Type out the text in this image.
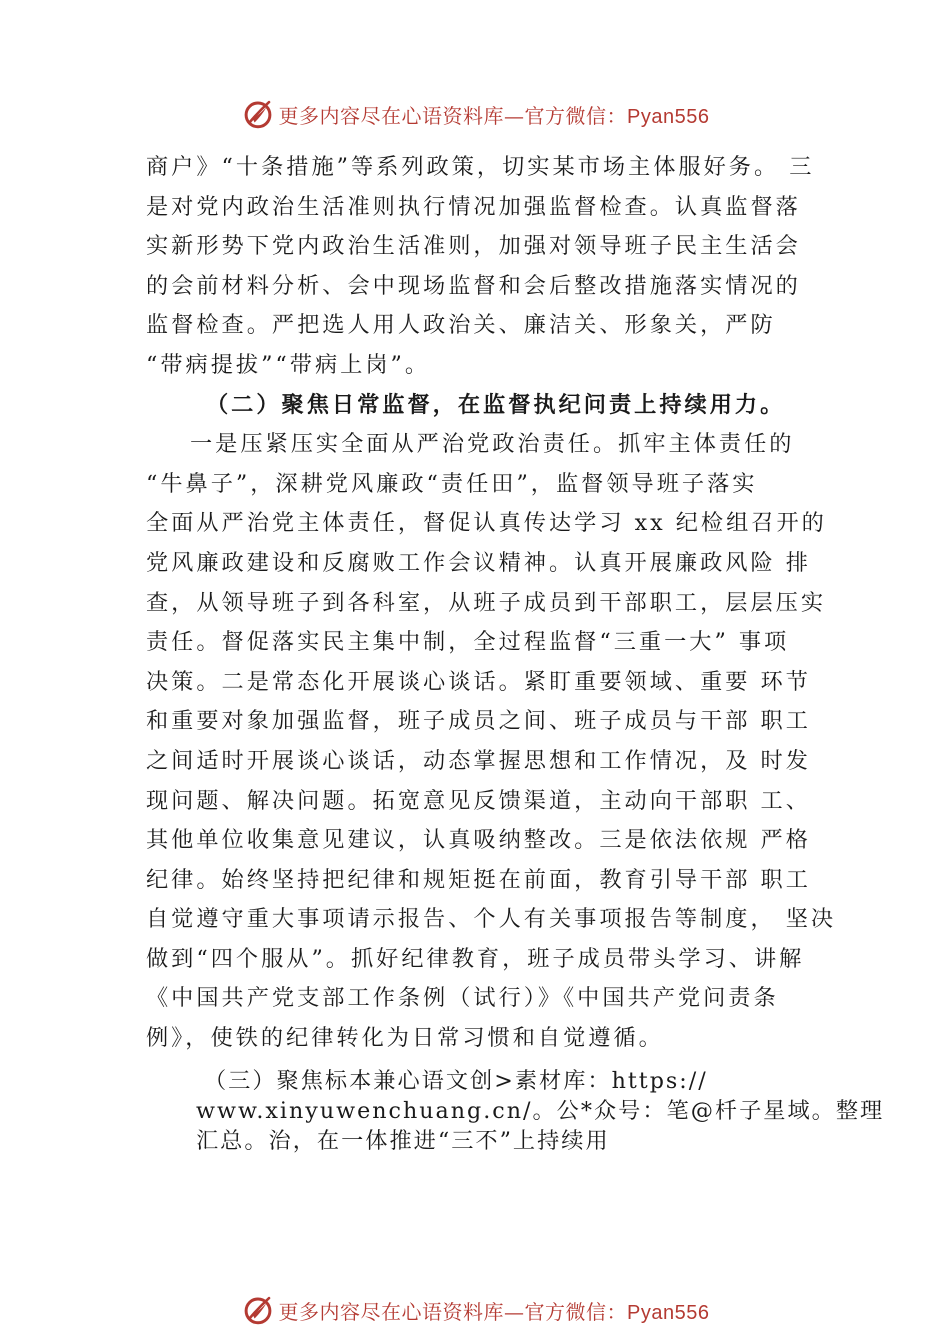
更多内容尽在心语资料库—官方微信：Pyan556

商户》“十条措施”等系列政策，切实某市场主体服好务。 三

是对党内政治生活准则执行情况加强监督检查。认真监督落

实新形势下党内政治生活准则，加强对领导班子民主生活会

的会前材料分析、会中现场监督和会后整改措施落实情况的

监督检查。严把选人用人政治关、廉洁关、形象关，严防

“带病提拔”“带病上岗”。

（二）聚焦日常监督，在监督执纪问责上持续用力。

一是压紧压实全面从严治党政治责任。抓牢主体责任的

“牛鼻子”，深耕党风廉政“责任田”，监督领导班子落实

全面从严治党主体责任，督促认真传达学习 xx 纪检组召开的

党风廉政建设和反腐败工作会议精神。认真开展廉政风险 排

查，从领导班子到各科室，从班子成员到干部职工，层层压实

责任。督促落实民主集中制，全过程监督“三重一大” 事项

决策。二是常态化开展谈心谈话。紧盯重要领域、重要 环节

和重要对象加强监督，班子成员之间、班子成员与干部 职工

之间适时开展谈心谈话，动态掌握思想和工作情况，及 时发

现问题、解决问题。拓宽意见反馈渠道，主动向干部职 工、

其他单位收集意见建议，认真吸纳整改。三是依法依规 严格

纪律。始终坚持把纪律和规矩挺在前面，教育引导干部 职工

自觉遵守重大事项请示报告、个人有关事项报告等制度， 坚决

做到“四个服从”。抓好纪律教育，班子成员带头学习、讲解

《中国共产党支部工作条例（试行）》《中国共产党问责条

例》，使铁的纪律转化为日常习惯和自觉遵循。

（三）聚焦标本兼心语文创>素材库：https://

www.xinyuwenchuang.cn/。公*众号：笔@杄子星域。整理

汇总。治，在一体推进“三不”上持续用

更多内容尽在心语资料库—官方微信：Pyan556
